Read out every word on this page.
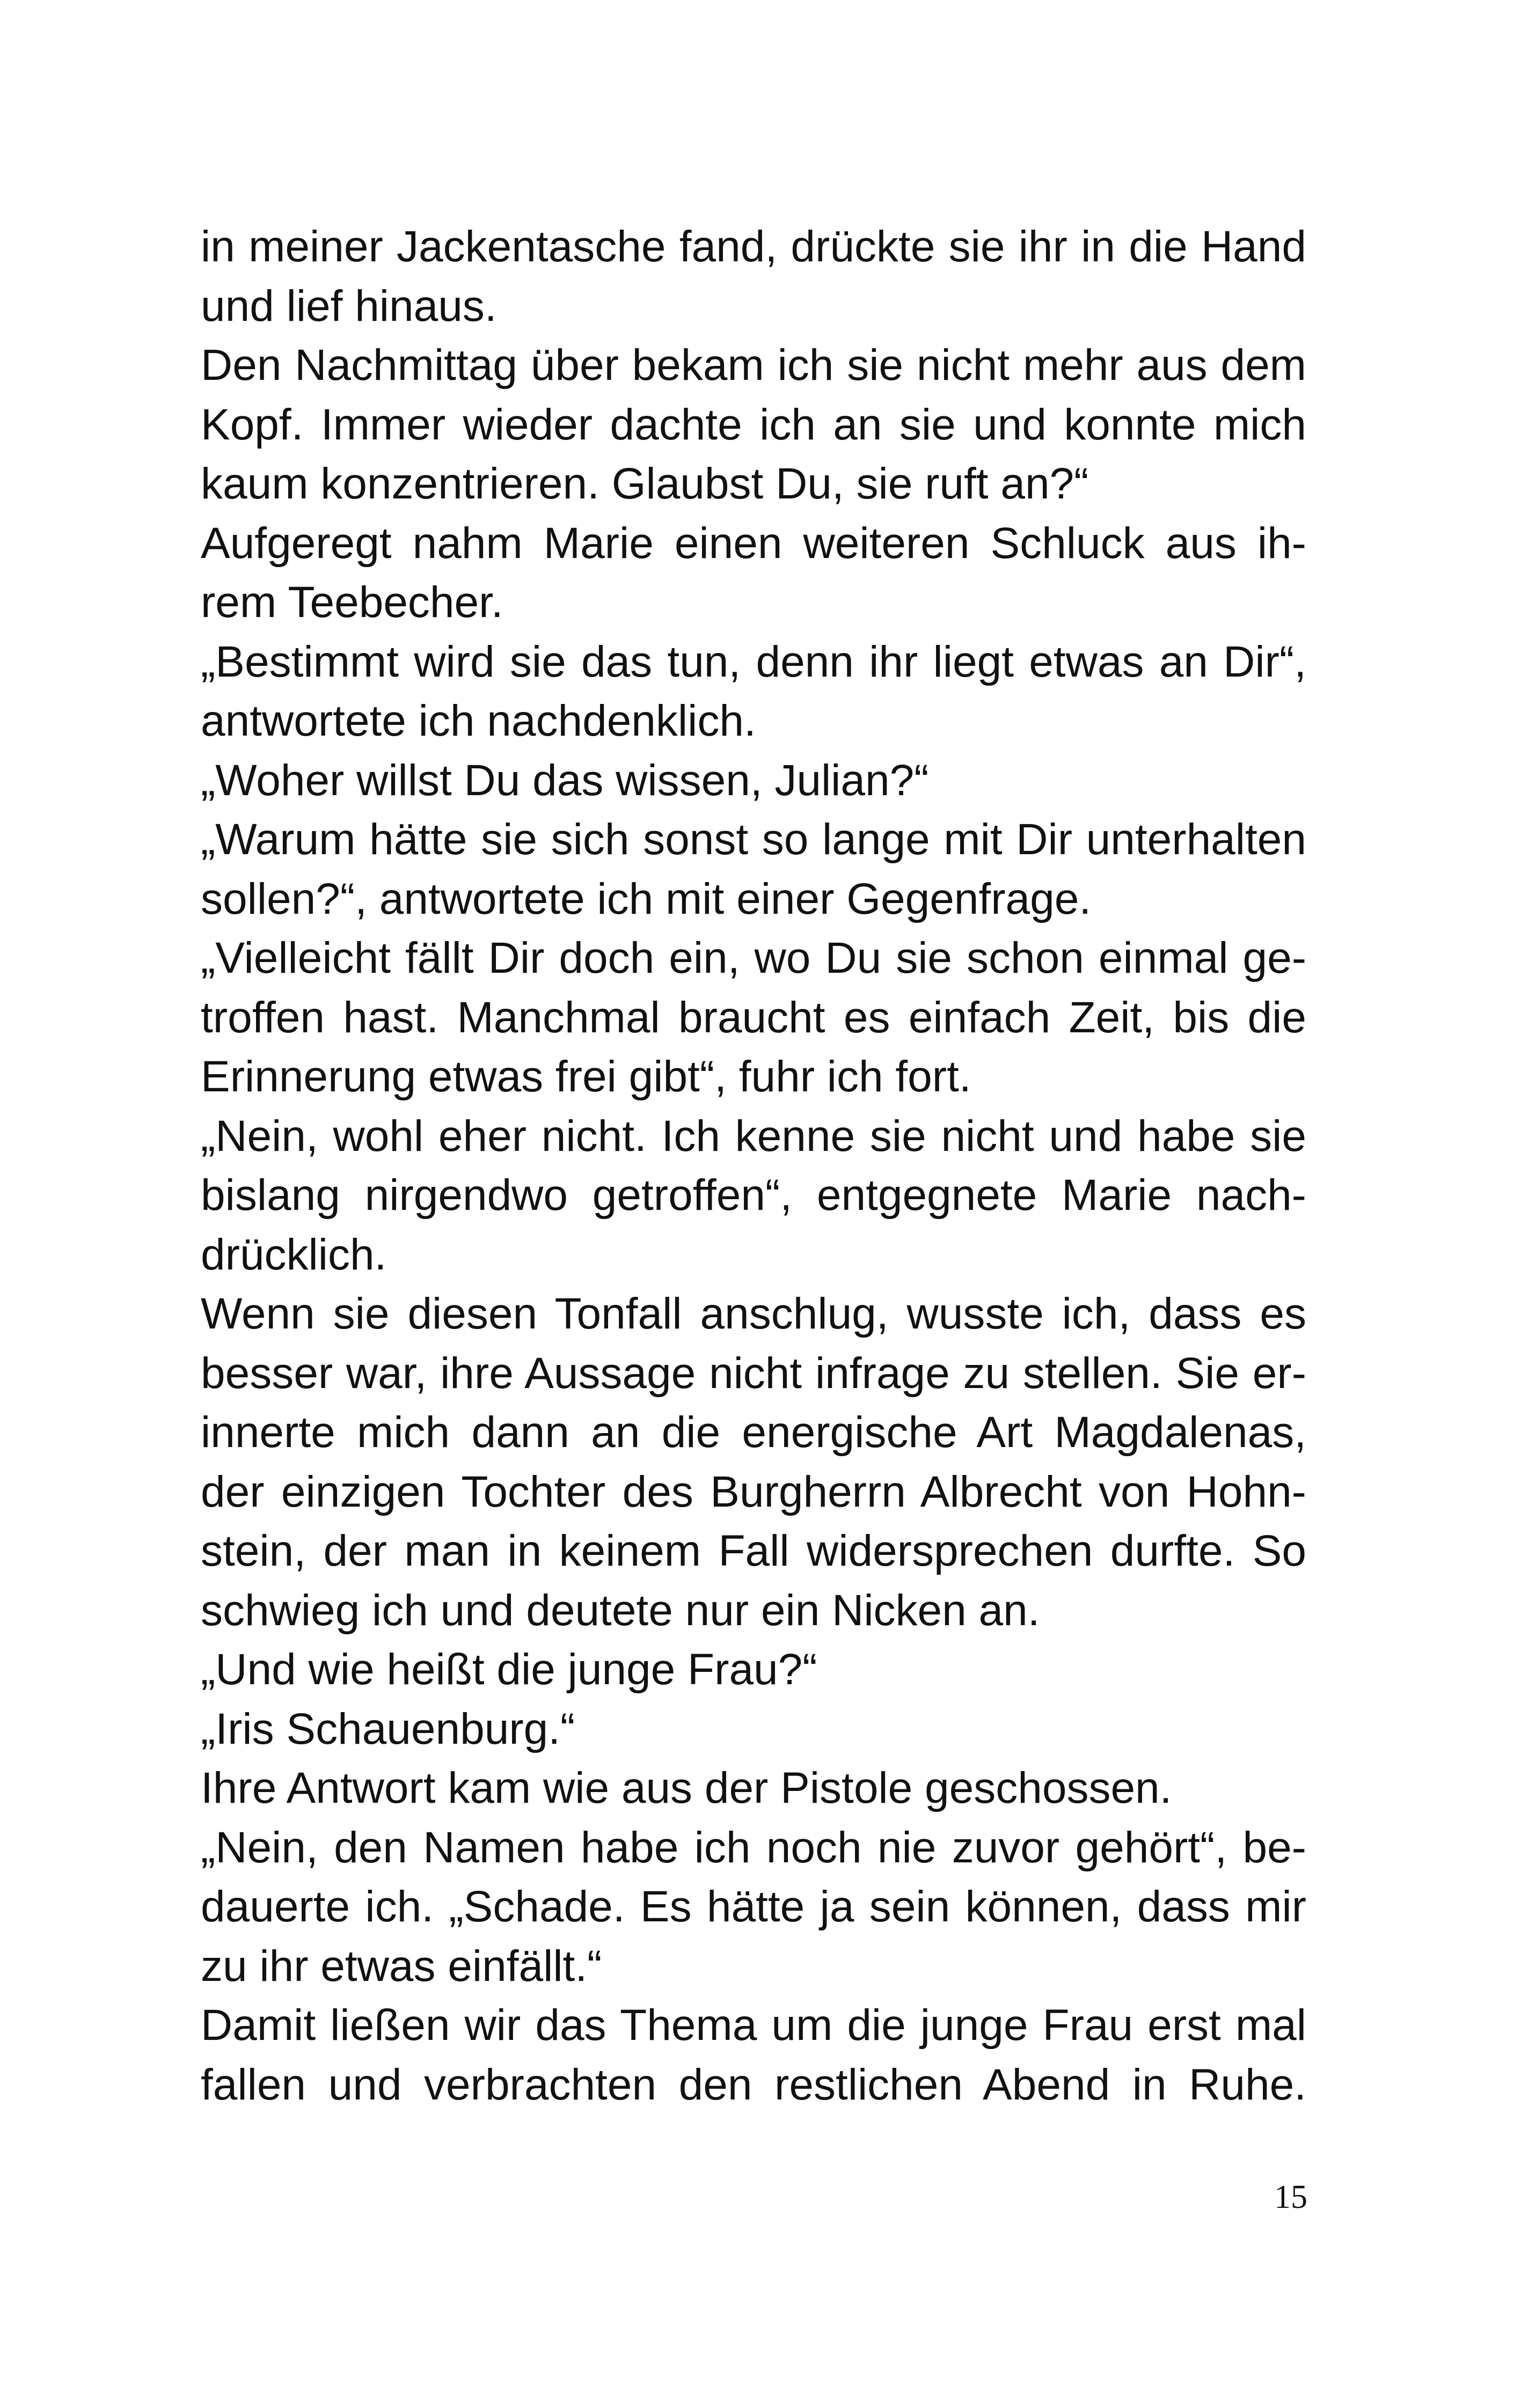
in meiner Jackentasche fand, drückte sie ihr in die Hand
und lief hinaus.
Den Nachmittag über bekam ich sie nicht mehr aus dem
Kopf. Immer wieder dachte ich an sie und konnte mich
kaum konzentrieren. Glaubst Du, sie ruft an?“
Aufgeregt nahm Marie einen weiteren Schluck aus ih-
rem Teebecher.
„Bestimmt wird sie das tun, denn ihr liegt etwas an Dir“,
antwortete ich nachdenklich.
„Woher willst Du das wissen, Julian?“
„Warum hätte sie sich sonst so lange mit Dir unterhalten
sollen?“, antwortete ich mit einer Gegenfrage.
„Vielleicht fällt Dir doch ein, wo Du sie schon einmal ge-
troffen hast. Manchmal braucht es einfach Zeit, bis die
Erinnerung etwas frei gibt“, fuhr ich fort.
„Nein, wohl eher nicht. Ich kenne sie nicht und habe sie
bislang nirgendwo getroffen“, entgegnete Marie nach-
drücklich.
Wenn sie diesen Tonfall anschlug, wusste ich, dass es
besser war, ihre Aussage nicht infrage zu stellen. Sie er-
innerte mich dann an die energische Art Magdalenas,
der einzigen Tochter des Burgherrn Albrecht von Hohn-
stein, der man in keinem Fall widersprechen durfte. So
schwieg ich und deutete nur ein Nicken an.
„Und wie heißt die junge Frau?“
„Iris Schauenburg.“
Ihre Antwort kam wie aus der Pistole geschossen.
„Nein, den Namen habe ich noch nie zuvor gehört“, be-
dauerte ich. „Schade. Es hätte ja sein können, dass mir
zu ihr etwas einfällt.“
Damit ließen wir das Thema um die junge Frau erst mal
fallen und verbrachten den restlichen Abend in Ruhe.
15
